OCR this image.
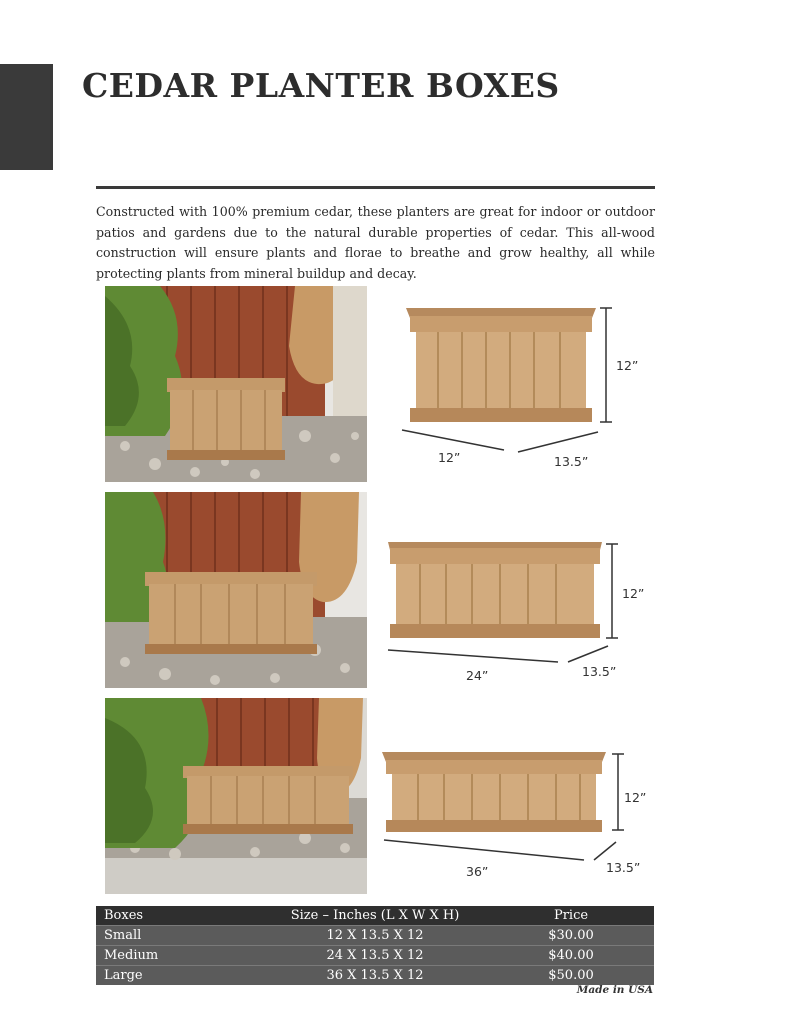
CEDAR PLANTER BOXES

Constructed with 100% premium cedar, these planters are great for indoor or outdoor patios and gardens due to the natural durable properties of cedar. This all-wood construction will ensure plants and florae to breathe and grow healthy, all while protecting plants from mineral buildup and decay.

12”
12”	13.5”
12”
24”	13.5”
12”
36”	13.5”
Boxes	Size – Inches (L X W X H)	Price
Small	12 X 13.5 X 12	$30.00
Medium	24 X 13.5 X 12	$40.00
Large	36 X 13.5 X 12	$50.00
Made in USA
